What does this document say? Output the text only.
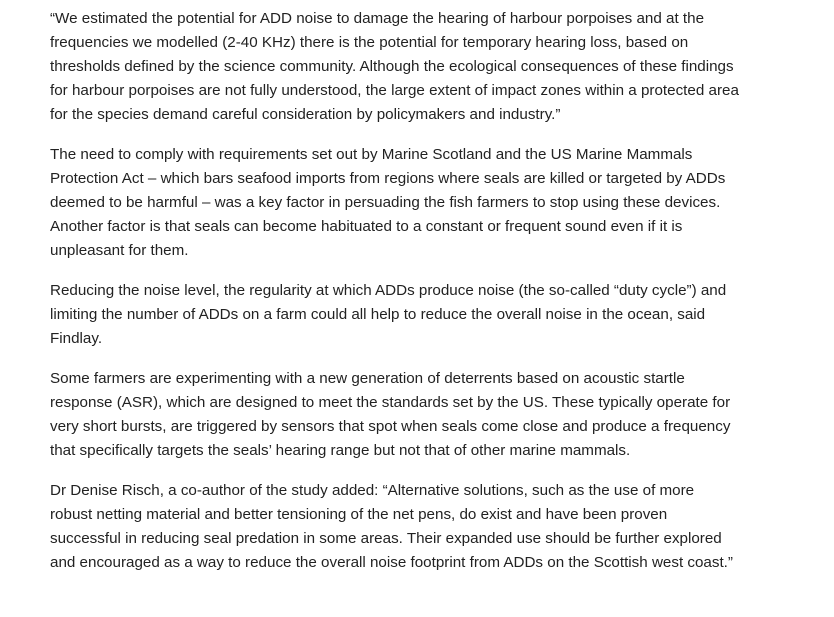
“We estimated the potential for ADD noise to damage the hearing of harbour porpoises and at the frequencies we modelled (2-40 KHz) there is the potential for temporary hearing loss, based on thresholds defined by the science community. Although the ecological consequences of these findings for harbour porpoises are not fully understood, the large extent of impact zones within a protected area for the species demand careful consideration by policymakers and industry.”

The need to comply with requirements set out by Marine Scotland and the US Marine Mammals Protection Act – which bars seafood imports from regions where seals are killed or targeted by ADDs deemed to be harmful – was a key factor in persuading the fish farmers to stop using these devices. Another factor is that seals can become habituated to a constant or frequent sound even if it is unpleasant for them.

Reducing the noise level, the regularity at which ADDs produce noise (the so-called “duty cycle”) and limiting the number of ADDs on a farm could all help to reduce the overall noise in the ocean, said Findlay.

Some farmers are experimenting with a new generation of deterrents based on acoustic startle response (ASR), which are designed to meet the standards set by the US. These typically operate for very short bursts, are triggered by sensors that spot when seals come close and produce a frequency that specifically targets the seals’ hearing range but not that of other marine mammals.

Dr Denise Risch, a co-author of the study added: “Alternative solutions, such as the use of more robust netting material and better tensioning of the net pens, do exist and have been proven successful in reducing seal predation in some areas. Their expanded use should be further explored and encouraged as a way to reduce the overall noise footprint from ADDs on the Scottish west coast.”
